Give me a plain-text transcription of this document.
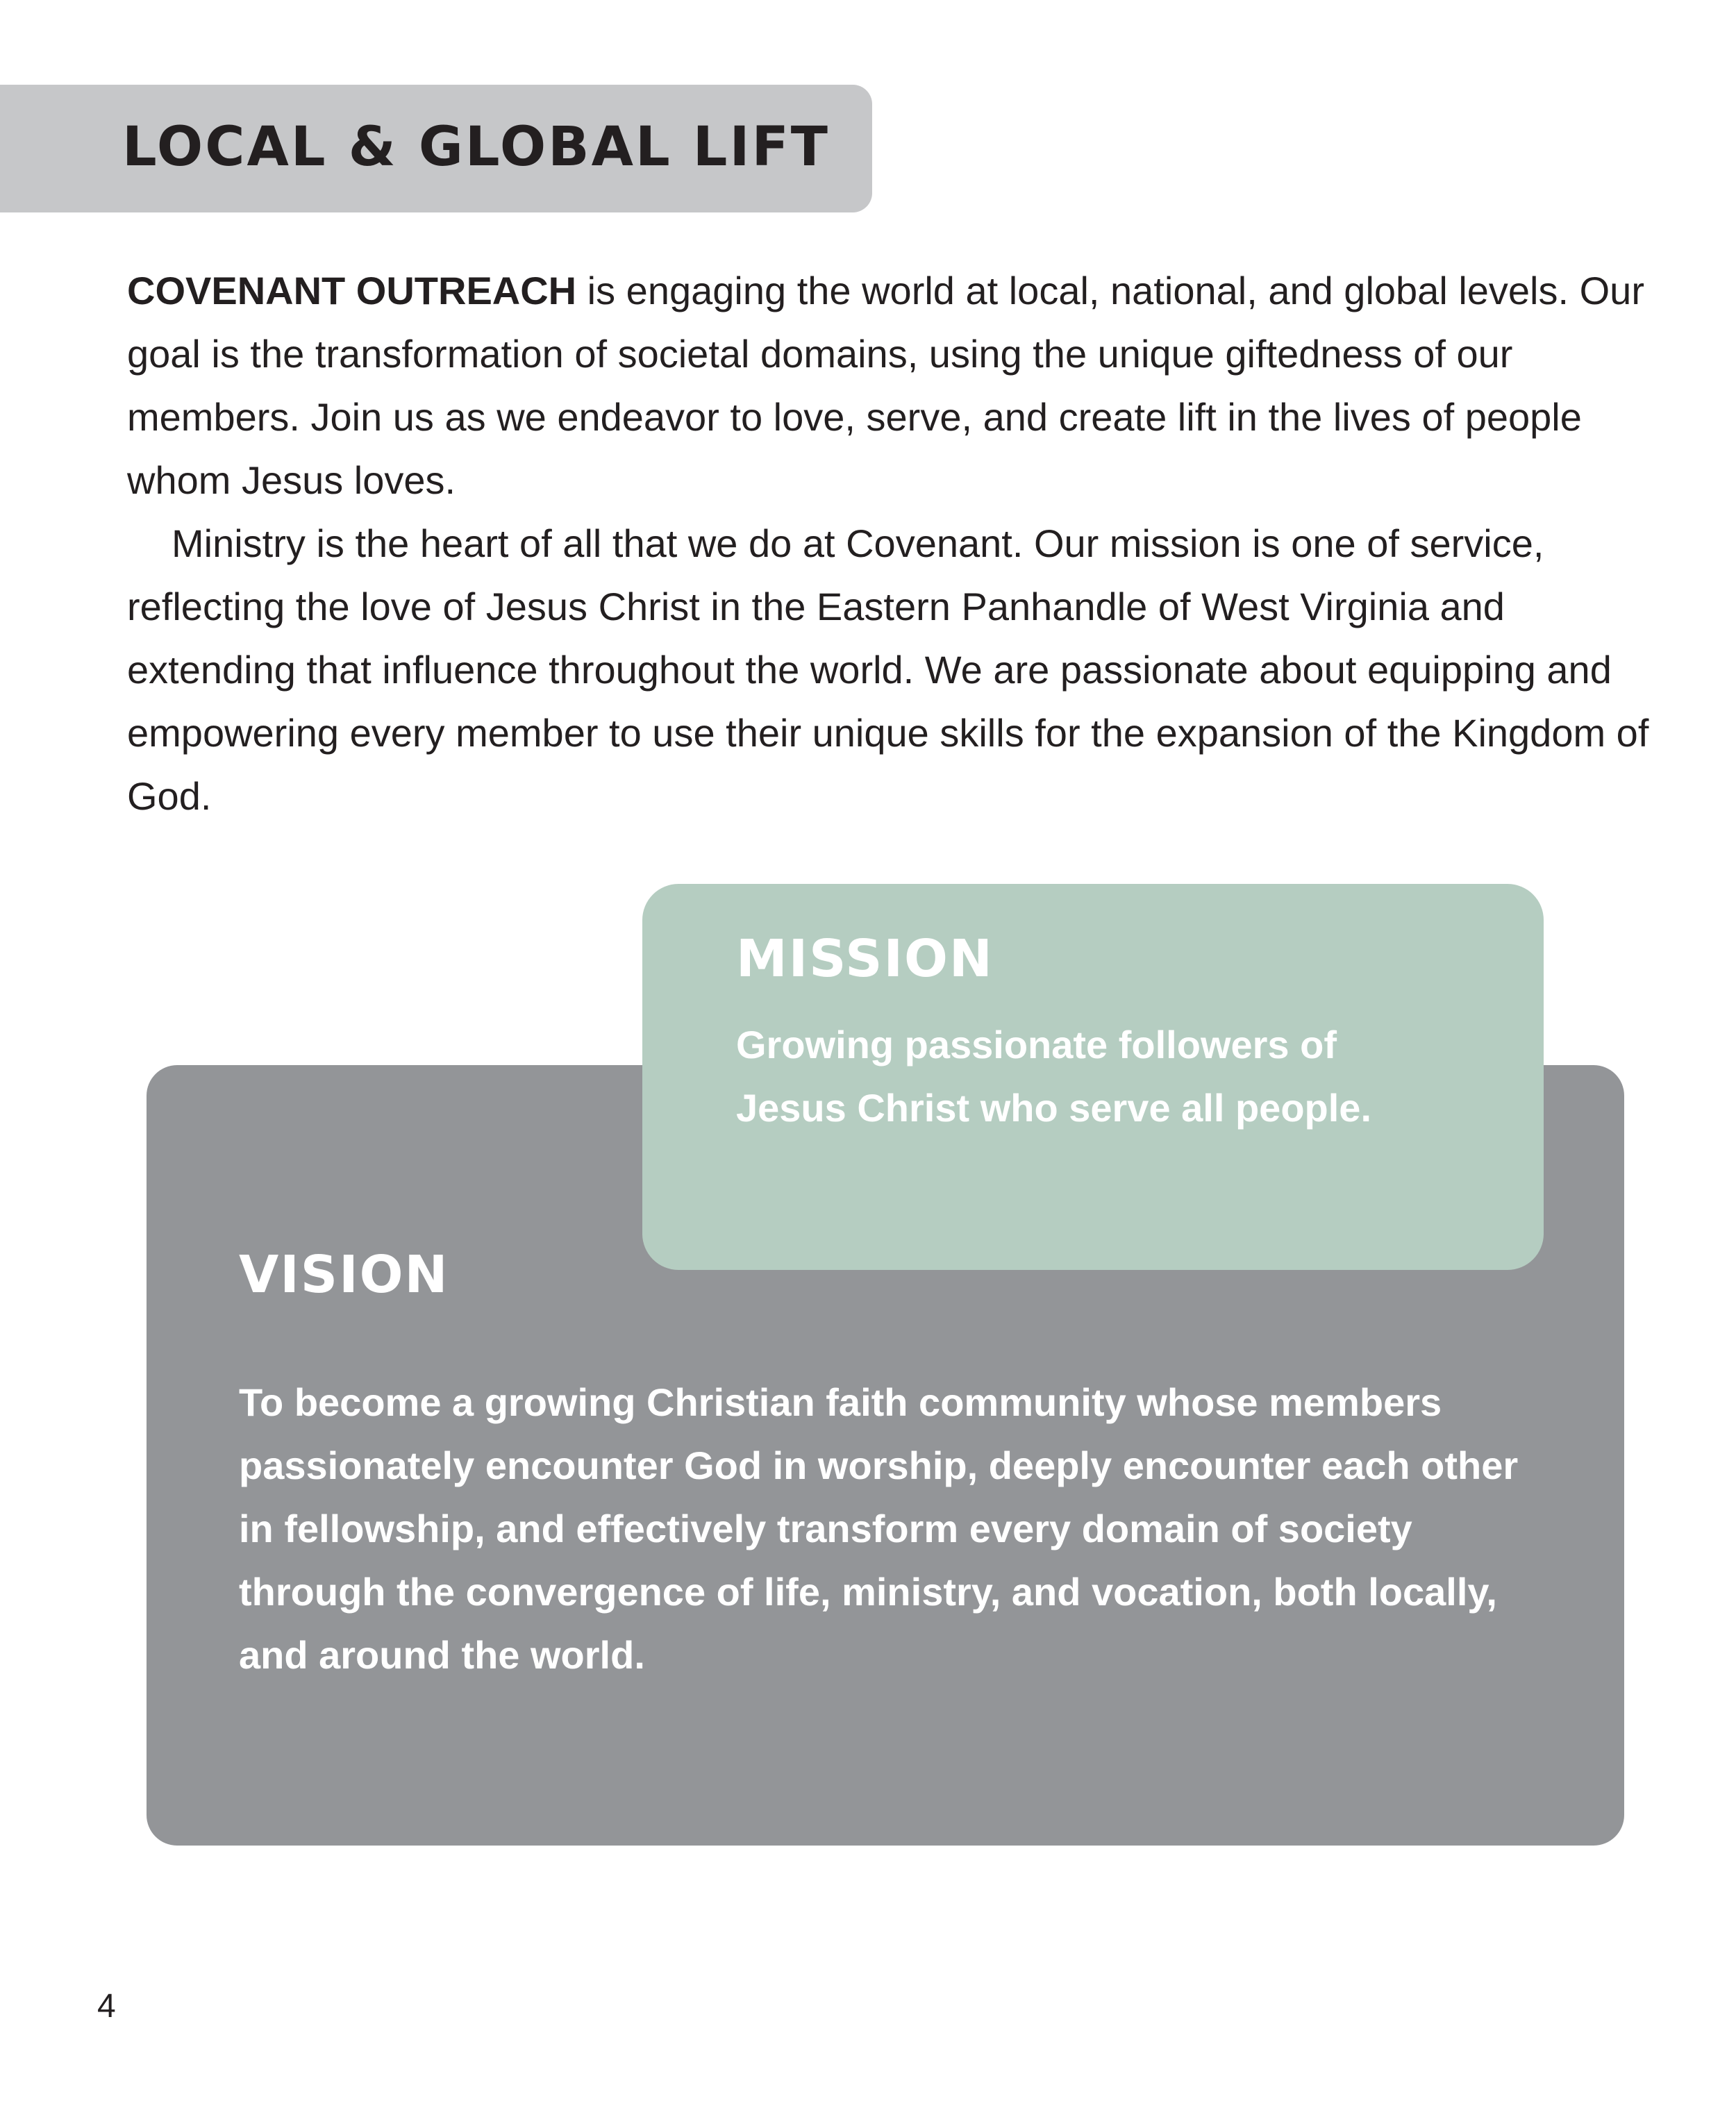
LOCAL & GLOBAL LIFT

COVENANT OUTREACH is engaging the world at local, national, and global levels. Our goal is the transformation of societal domains, using the unique giftedness of our members. Join us as we endeavor to love, serve, and create lift in the lives of people whom Jesus loves.

Ministry is the heart of all that we do at Covenant. Our mission is one of service, reflecting the love of Jesus Christ in the Eastern Panhandle of West Virginia and extending that influence throughout the world. We are passionate about equipping and empowering every member to use their unique skills for the expansion of the Kingdom of God.

VISION

To become a growing Christian faith community whose members passionately encounter God in worship, deeply encounter each other in fellowship, and effectively transform every domain of society through the convergence of life, ministry, and vocation, both locally, and around the world.

MISSION

Growing passionate followers of Jesus Christ who serve all people.

4
